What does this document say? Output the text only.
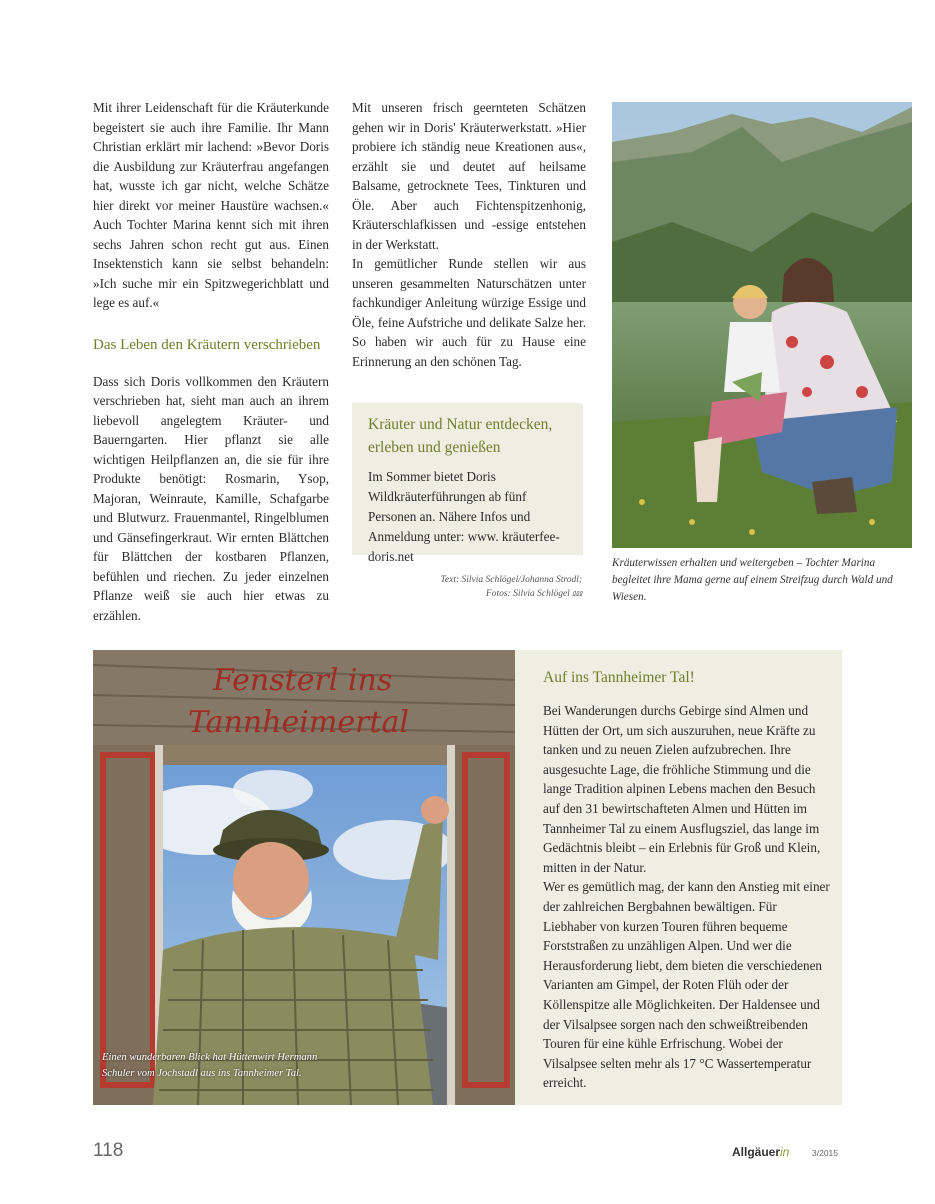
Mit ihrer Leidenschaft für die Kräuterkunde begeistert sie auch ihre Familie. Ihr Mann Christian erklärt mir lachend: »Bevor Doris die Ausbildung zur Kräuterfrau angefangen hat, wusste ich gar nicht, welche Schätze hier direkt vor meiner Haustüre wachsen.« Auch Tochter Marina kennt sich mit ihren sechs Jahren schon recht gut aus. Einen Insektenstich kann sie selbst behandeln: »Ich suche mir ein Spitzwegerichblatt und lege es auf.«

Das Leben den Kräutern verschrieben

Dass sich Doris vollkommen den Kräutern verschrieben hat, sieht man auch an ihrem liebevoll angelegtem Kräuter- und Bauerngarten. Hier pflanzt sie alle wichtigen Heilpflanzen an, die sie für ihre Produkte benötigt: Rosmarin, Ysop, Majoran, Weinraute, Kamille, Schafgarbe und Blutwurz. Frauenmantel, Ringelblumen und Gänsefingerkraut. Wir ernten Blättchen für Blättchen der kostbaren Pflanzen, befühlen und riechen. Zu jeder einzelnen Pflanze weiß sie auch hier etwas zu erzählen.

Mit unseren frisch geernteten Schätzen gehen wir in Doris' Kräuterwerkstatt. »Hier probiere ich ständig neue Kreationen aus«, erzählt sie und deutet auf heilsame Balsame, getrocknete Tees, Tinkturen und Öle. Aber auch Fichtenspitzenhonig, Kräuterschlafkissen und -essige entstehen in der Werkstatt.

In gemütlicher Runde stellen wir aus unseren gesammelten Naturschätzen unter fachkundiger Anleitung würzige Essige und Öle, feine Aufstriche und delikate Salze her. So haben wir auch für zu Hause eine Erinnerung an den schönen Tag.

Kräuter und Natur entdecken, erleben und genießen
Im Sommer bietet Doris Wildkräuterführungen ab fünf Personen an. Nähere Infos und Anmeldung unter: www. kräuterfee-doris.net
Text: Silvia Schlögel/Johanna Strodl;
Fotos: Silvia Schlögel ⅏
Kräuterwissen erhalten und weitergeben – Tochter Marina begleitet ihre Mama gerne auf einem Streifzug durch Wald und Wiesen.
Fensterl ins
Tannheimertal
Einen wunderbaren Blick hat Hüttenwirt Hermann Schuler vom Jochstadl aus ins Tannheimer Tal.
Auf ins Tannheimer Tal!

Bei Wanderungen durchs Gebirge sind Almen und Hütten der Ort, um sich auszuruhen, neue Kräfte zu tanken und zu neuen Zielen aufzubrechen. Ihre ausgesuchte Lage, die fröhliche Stimmung und die lange Tradition alpinen Lebens machen den Besuch auf den 31 bewirtschafteten Almen und Hütten im Tannheimer Tal zu einem Ausflugsziel, das lange im Gedächtnis bleibt – ein Erlebnis für Groß und Klein, mitten in der Natur.

Wer es gemütlich mag, der kann den Anstieg mit einer der zahlreichen Bergbahnen bewältigen. Für Liebhaber von kurzen Touren führen bequeme Forststraßen zu unzähligen Alpen. Und wer die Herausforderung liebt, dem bieten die verschiedenen Varianten am Gimpel, der Roten Flüh oder der Köllenspitze alle Möglichkeiten. Der Haldensee und der Vilsalpsee sorgen nach den schweißtreibenden Touren für eine kühle Erfrischung. Wobei der Vilsalpsee selten mehr als 17 °C Wassertemperatur erreicht.

118	Allgäuerin	3/2015
